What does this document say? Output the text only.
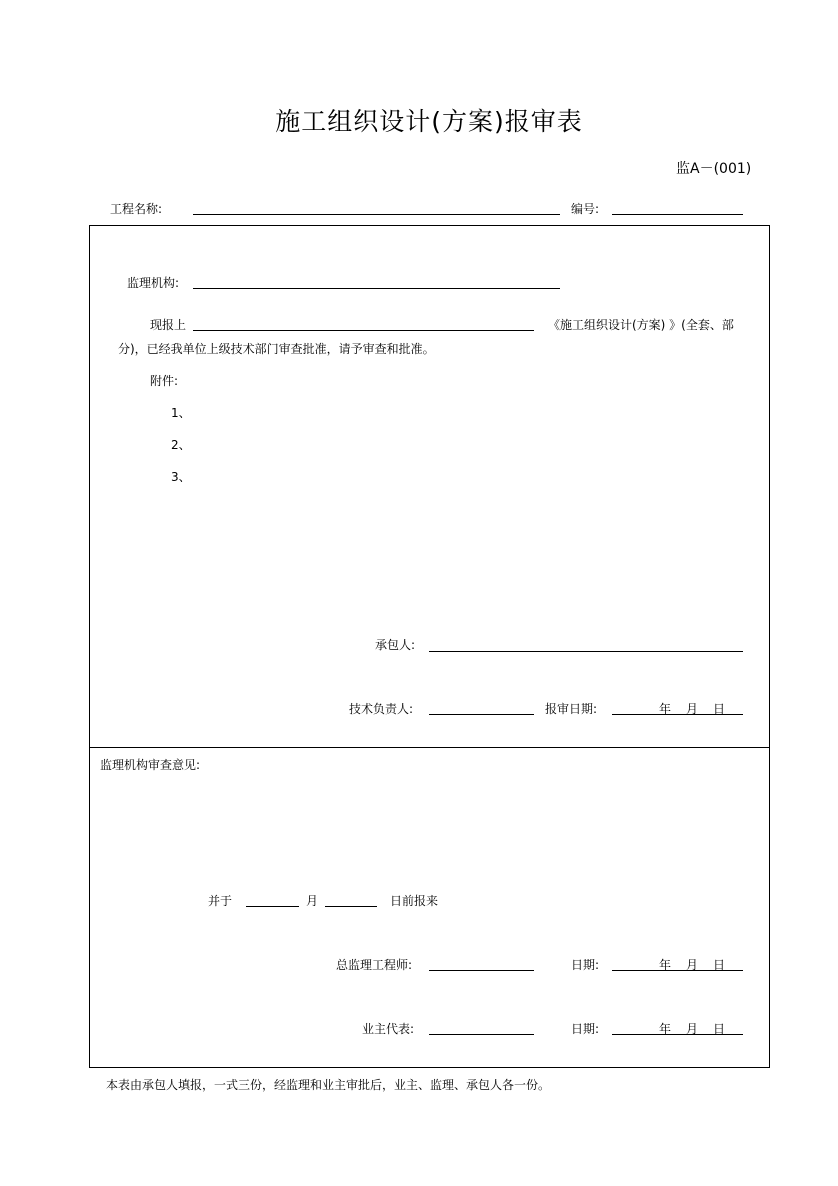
施工组织设计(方案)报审表
监A－(001)
工程名称:	编号:
监理机构:
现报上	《施工组织设计(方案) 》(全套、部
分)，已经我单位上级技术部门审查批准，请予审查和批准。
附件:
1、
2、
3、
承包人:
技术负责人:	报审日期:	年 月 日
监理机构审查意见:
并于	月	日前报来
总监理工程师:	日期:	年 月 日
业主代表:	日期:	年 月 日
本表由承包人填报，一式三份，经监理和业主审批后，业主、监理、承包人各一份。
